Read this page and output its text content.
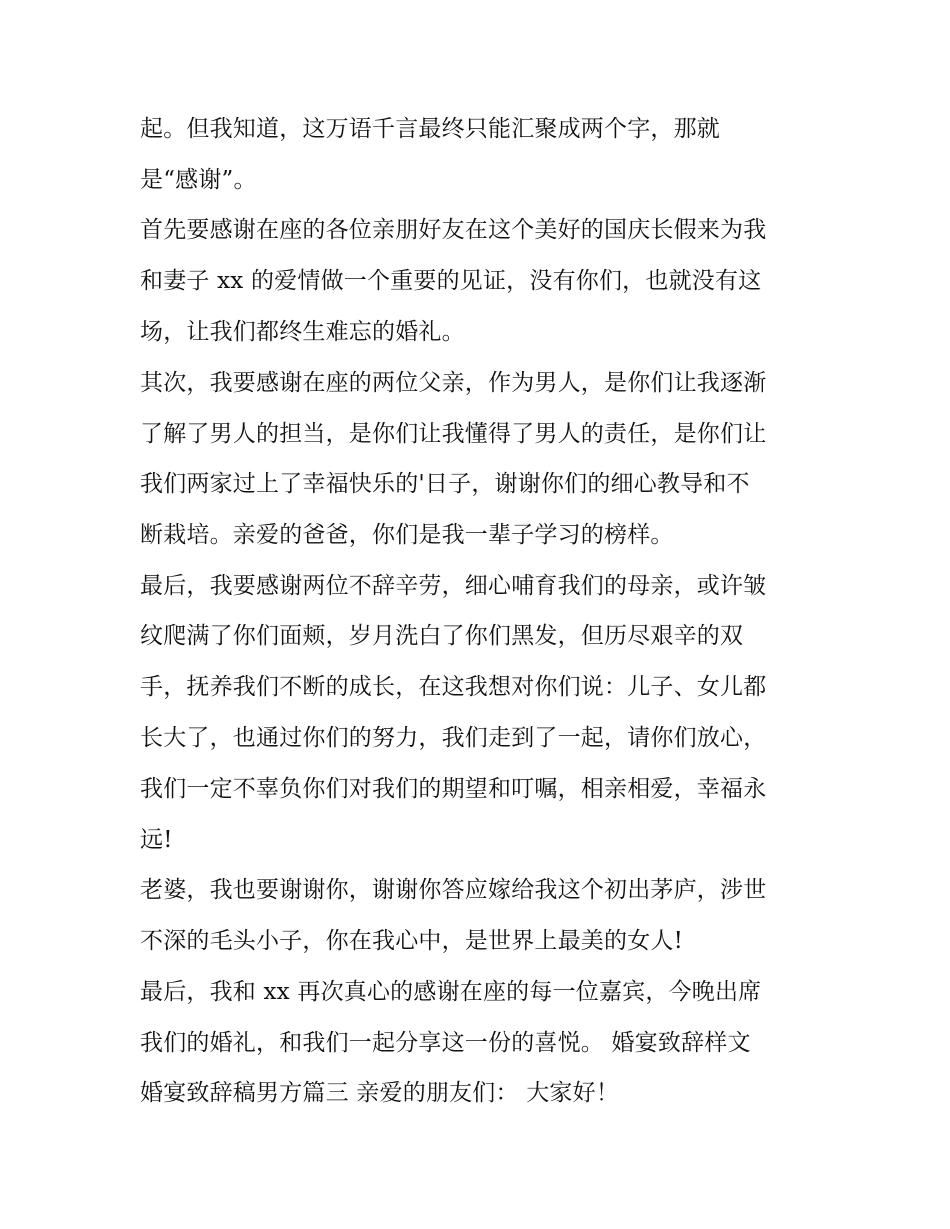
起。但我知道，这万语千言最终只能汇聚成两个字，那就
是“感谢”。
首先要感谢在座的各位亲朋好友在这个美好的国庆长假来为我
和妻子 xx 的爱情做一个重要的见证，没有你们，也就没有这
场，让我们都终生难忘的婚礼。
其次，我要感谢在座的两位父亲，作为男人，是你们让我逐渐
了解了男人的担当，是你们让我懂得了男人的责任，是你们让
我们两家过上了幸福快乐的'日子，谢谢你们的细心教导和不
断栽培。亲爱的爸爸，你们是我一辈子学习的榜样。
最后，我要感谢两位不辞辛劳，细心哺育我们的母亲，或许皱
纹爬满了你们面颊，岁月洗白了你们黑发，但历尽艰辛的双
手，抚养我们不断的成长，在这我想对你们说：儿子、女儿都
长大了，也通过你们的努力，我们走到了一起，请你们放心，
我们一定不辜负你们对我们的期望和叮嘱，相亲相爱，幸福永
远!
老婆，我也要谢谢你，谢谢你答应嫁给我这个初出茅庐，涉世
不深的毛头小子，你在我心中，是世界上最美的女人!
最后，我和 xx 再次真心的感谢在座的每一位嘉宾，今晚出席
我们的婚礼，和我们一起分享这一份的喜悦。 婚宴致辞样文
婚宴致辞稿男方篇三 亲爱的朋友们： 大家好！
